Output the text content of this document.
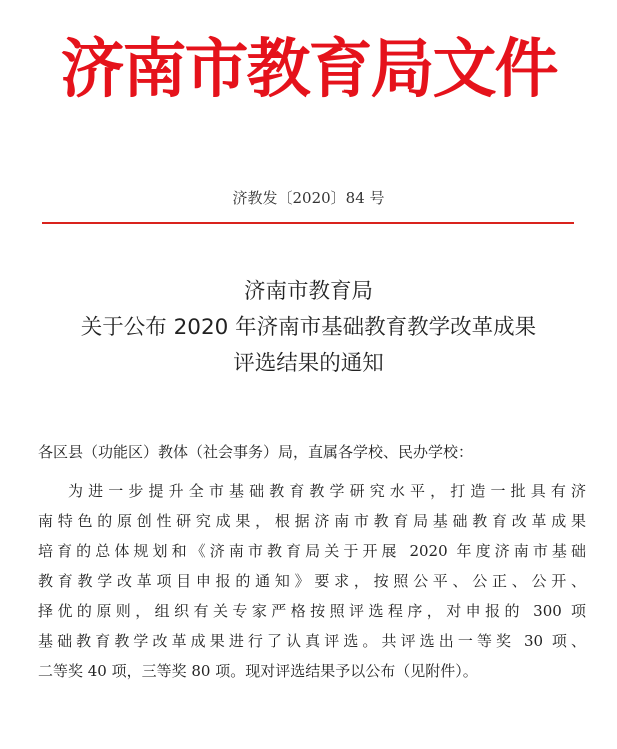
济南市教育局文件
济教发〔2020〕84 号
济南市教育局
关于公布 2020 年济南市基础教育教学改革成果
评选结果的通知
各区县（功能区）教体（社会事务）局，直属各学校、民办学校：
为进一步提升全市基础教育教学研究水平，打造一批具有济
南特色的原创性研究成果，根据济南市教育局基础教育改革成果
培育的总体规划和《济南市教育局关于开展 2020 年度济南市基础
教育教学改革项目申报的通知》要求，按照公平、公正、公开、
择优的原则，组织有关专家严格按照评选程序，对申报的 300 项
基础教育教学改革成果进行了认真评选。共评选出一等奖 30 项、
二等奖 40 项，三等奖 80 项。现对评选结果予以公布（见附件）。
